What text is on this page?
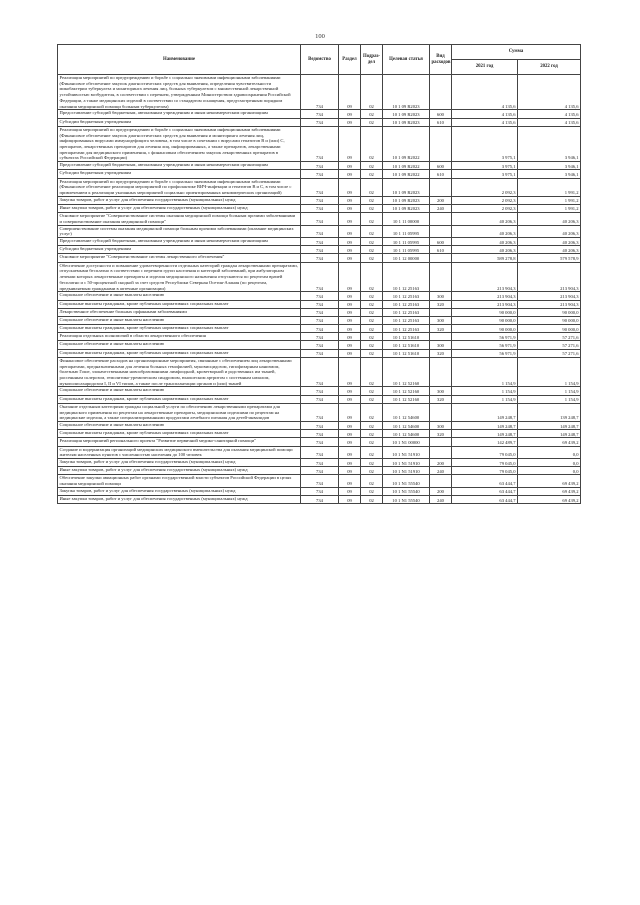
100
Наименование	Ведомство	Раздел	Подраз-дел	Целевая статья	Вид расходов	Сумма	
						2021 год	2022 год
Реализация мероприятий по предупреждению и борьбе с социально значимыми инфекционными заболеваниями (Финансовое обеспечение закупок диагностических средств для выявления, определения чувствительности микобактерии туберкулеза и мониторинга лечения лиц, больных туберкулезом с множественной лекарственной устойчивостью возбудителя, в соответствии с перечнем, утвержденным Министерством здравоохранения Российской Федерации, а также медицинских изделий в соответствии со стандартом оснащения, предусмотренным порядком оказания медицинской помощи больным туберкулезом)	734	09	02	10 1 09 R2023		4 135,6	4 135,6
Предоставление субсидий бюджетным, автономным учреждениям и иным некоммерческим организациям	734	09	02	10 1 09 R2023	600	4 135,6	4 135,6
Субсидии бюджетным учреждениям	734	09	02	10 1 09 R2023	610	4 135,6	4 135,6
Реализация мероприятий по предупреждению и борьбе с социально значимыми инфекционными заболеваниями (Финансовое обеспечение закупок диагностических средств для выявления и мониторинга лечения лиц, инфицированных вирусами иммунодефицита человека, в том числе в сочетании с вирусами гепатитов В и (или) С, препаратов, лекарственных препаратов для лечения лиц, инфицированных, а также препаратов, лекарственными препаратами для медицинского применения, с финансовым обеспечением закупок лекарственных препаратов в субъектах Российской Федерации)	734	09	02	10 1 09 R2022		3 975,1	3 946,1
Предоставление субсидий бюджетным, автономным учреждениям и иным некоммерческим организациям	734	09	02	10 1 09 R2022	600	3 975,1	3 946,1
Субсидии бюджетным учреждениям	734	09	02	10 1 09 R2022	610	3 975,1	3 946,1
Реализация мероприятий по предупреждению и борьбе с социально значимыми инфекционными заболеваниями (Финансовое обеспечение реализации мероприятий по профилактике ВИЧ-инфекции и гепатитов В и С, в том числе с привлечением к реализации указанных мероприятий социально ориентированных некоммерческих организаций)	734	09	02	10 1 09 R2023		2 092,3	1 991,2
Закупка товаров, работ и услуг для обеспечения государственных (муниципальных) нужд	734	09	02	10 1 09 R2023	200	2 092,3	1 991,2
Иные закупки товаров, работ и услуг для обеспечения государственных (муниципальных) нужд	734	09	02	10 1 09 R2023	240	2 092,3	1 991,2
Основное мероприятие "Совершенствование системы оказания медицинской помощи больным прочими заболеваниями и совершенствование оказания медицинской помощи"	734	09	02	10 1 11 00000		40 206,3	40 206,3
Совершенствование системы оказания медицинской помощи больным прочими заболеваниями (оказание медицинских услуг)	734	09	02	10 1 11 05995		40 206,3	40 206,3
Предоставление субсидий бюджетным, автономным учреждениям и иным некоммерческим организациям	734	09	02	10 1 11 05995	600	40 206,3	40 206,3
Субсидии бюджетным учреждениям	734	09	02	10 1 11 05995	610	40 206,3	40 206,3
Основное мероприятие "Совершенствование системы лекарственного обеспечения"	734	09	02	10 1 12 00000		589 278,8	579 578,9
Обеспечение доступности и повышение удовлетворенности отдельных категорий граждан лекарственными препаратами, отпускаемыми бесплатно в соответствии с перечнем групп населения и категорий заболеваний, при амбулаторном лечении которых лекарственные препараты и изделия медицинского назначения отпускаются по рецептам врачей бесплатно и с 50-процентной скидкой за счет средств Республики Северная Осетия-Алания (по рецептам, предъявляемым гражданами в аптечные организации)	734	09	02	10 1 12 25163		213 904,3	213 904,3
Социальное обеспечение и иные выплаты населению	734	09	02	10 1 12 25163	300	213 904,3	213 904,3
Социальные выплаты гражданам, кроме публичных нормативных социальных выплат	734	09	02	10 1 12 25163	320	213 904,3	213 904,3
Лекарственное обеспечение больных орфанными заболеваниями	734	09	02	10 1 12 25163		90 000,0	90 000,0
Социальное обеспечение и иные выплаты населению	734	09	02	10 1 12 25163	300	90 000,0	90 000,0
Социальные выплаты гражданам, кроме публичных нормативных социальных выплат	734	09	02	10 1 12 25163	320	90 000,0	90 000,0
Реализация отдельных полномочий в области лекарственного обеспечения	734	09	02	10 1 12 51610		56 971,9	57 271,6
Социальное обеспечение и иные выплаты населению	734	09	02	10 1 12 51610	300	56 971,9	57 271,6
Социальные выплаты гражданам, кроме публичных нормативных социальных выплат	734	09	02	10 1 12 51610	320	56 971,9	57 271,6
Финансовое обеспечение расходов на организационные мероприятия, связанные с обеспечением лиц лекарственными препаратами, предназначенными для лечения больных гемофилией, муковисцидозом, гипофизарным нанизмом, болезнью Гоше, злокачественными новообразованиями лимфоидной, кроветворной и родственных им тканей, рассеянным склерозом, гемолитико-уремическим синдромом, юношеским артритом с системным началом, мукополисахаридозом I, II и VI типов, а также после трансплантации органов и (или) тканей	734	09	02	10 1 12 52160		1 154,9	1 154,9
Социальное обеспечение и иные выплаты населению	734	09	02	10 1 12 52160	300	1 154,9	1 154,9
Социальные выплаты гражданам, кроме публичных нормативных социальных выплат	734	09	02	10 1 12 52160	320	1 154,9	1 154,9
Оказание отдельным категориям граждан социальной услуги по обеспечению лекарственными препаратами для медицинского применения по рецептам на лекарственные препараты, медицинскими изделиями по рецептам на медицинские изделия, а также специализированными продуктами лечебного питания для детей-инвалидов	734	09	02	10 1 12 54600		149 248,7	139 248,7
Социальное обеспечение и иные выплаты населению	734	09	02	10 1 12 54600	300	149 248,7	149 248,7
Социальные выплаты гражданам, кроме публичных нормативных социальных выплат	734	09	02	10 1 12 54600	320	149 248,7	149 248,7
Реализация мероприятий регионального проекта "Развитие первичной медико-санитарной помощи"	734	09	02	10 1 N1 00000		142 489,7	69 439,2
Создание и модернизация организаций медицинских медицинского вмешательства для оказания медицинской помощи жителям населенных пунктов с численностью населения до 100 человек	734	09	02	10 1 N1 51910		79 045,0	0,0
Закупка товаров, работ и услуг для обеспечения государственных (муниципальных) нужд	734	09	02	10 1 N1 51910	200	79 045,0	0,0
Иные закупки товаров, работ и услуг для обеспечения государственных (муниципальных) нужд	734	09	02	10 1 N1 51910	240	79 045,0	0,0
Обеспечение закупки авиационных работ органами государственной власти субъектов Российской Федерации в целях оказания медицинской помощи	734	09	02	10 1 N1 55540		63 444,7	69 439,2
Закупка товаров, работ и услуг для обеспечения государственных (муниципальных) нужд	734	09	02	10 1 N1 55540	200	63 444,7	69 439,2
Иные закупки товаров, работ и услуг для обеспечения государственных (муниципальных) нужд	734	09	02	10 1 N1 55540	240	63 444,7	69 439,2
